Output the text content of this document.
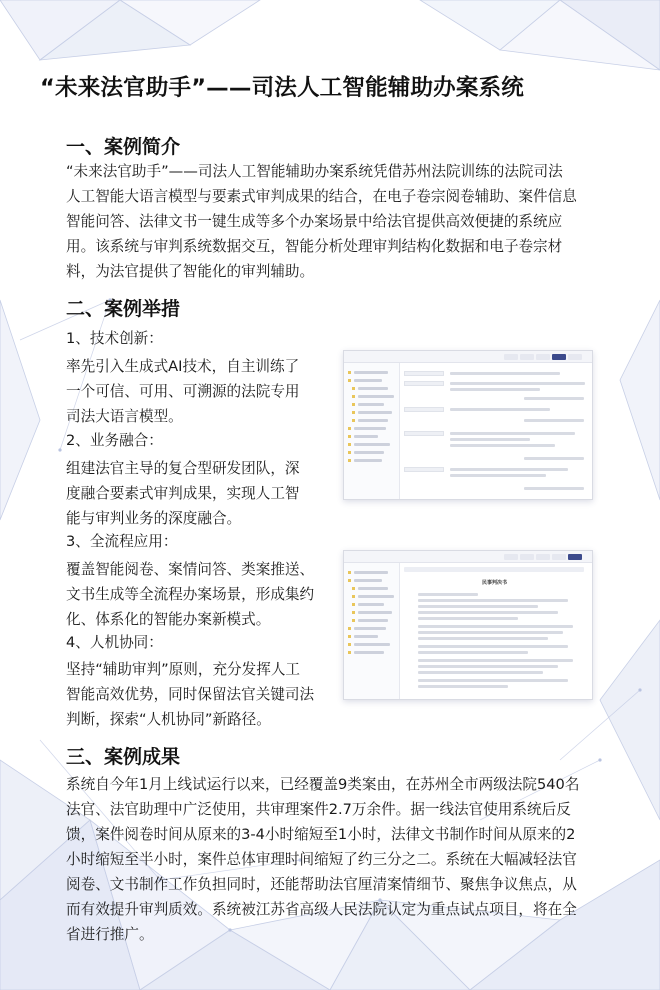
“未来法官助手”——司法人工智能辅助办案系统
一、案例简介
“未来法官助手”——司法人工智能辅助办案系统凭借苏州法院训练的法院司法
人工智能大语言模型与要素式审判成果的结合，在电子卷宗阅卷辅助、案件信息
智能问答、法律文书一键生成等多个办案场景中给法官提供高效便捷的系统应
用。该系统与审判系统数据交互，智能分析处理审判结构化数据和电子卷宗材
料，为法官提供了智能化的审判辅助。
二、案例举措
1、技术创新：
率先引入生成式AI技术，自主训练了
一个可信、可用、可溯源的法院专用
司法大语言模型。
2、业务融合：
组建法官主导的复合型研发团队，深
度融合要素式审判成果，实现人工智
能与审判业务的深度融合。
3、全流程应用：
覆盖智能阅卷、案情问答、类案推送、
文书生成等全流程办案场景，形成集约
化、体系化的智能办案新模式。
4、人机协同：
坚持“辅助审判”原则，充分发挥人工
智能高效优势，同时保留法官关键司法
判断，探索“人机协同”新路径。
民事判决书
三、案例成果
系统自今年1月上线试运行以来，已经覆盖9类案由，在苏州全市两级法院540名
法官、法官助理中广泛使用，共审理案件2.7万余件。据一线法官使用系统后反
馈，案件阅卷时间从原来的3-4小时缩短至1小时，法律文书制作时间从原来的2
小时缩短至半小时，案件总体审理时间缩短了约三分之二。系统在大幅减轻法官
阅卷、文书制作工作负担同时，还能帮助法官厘清案情细节、聚焦争议焦点，从
而有效提升审判质效。系统被江苏省高级人民法院认定为重点试点项目，将在全
省进行推广。
